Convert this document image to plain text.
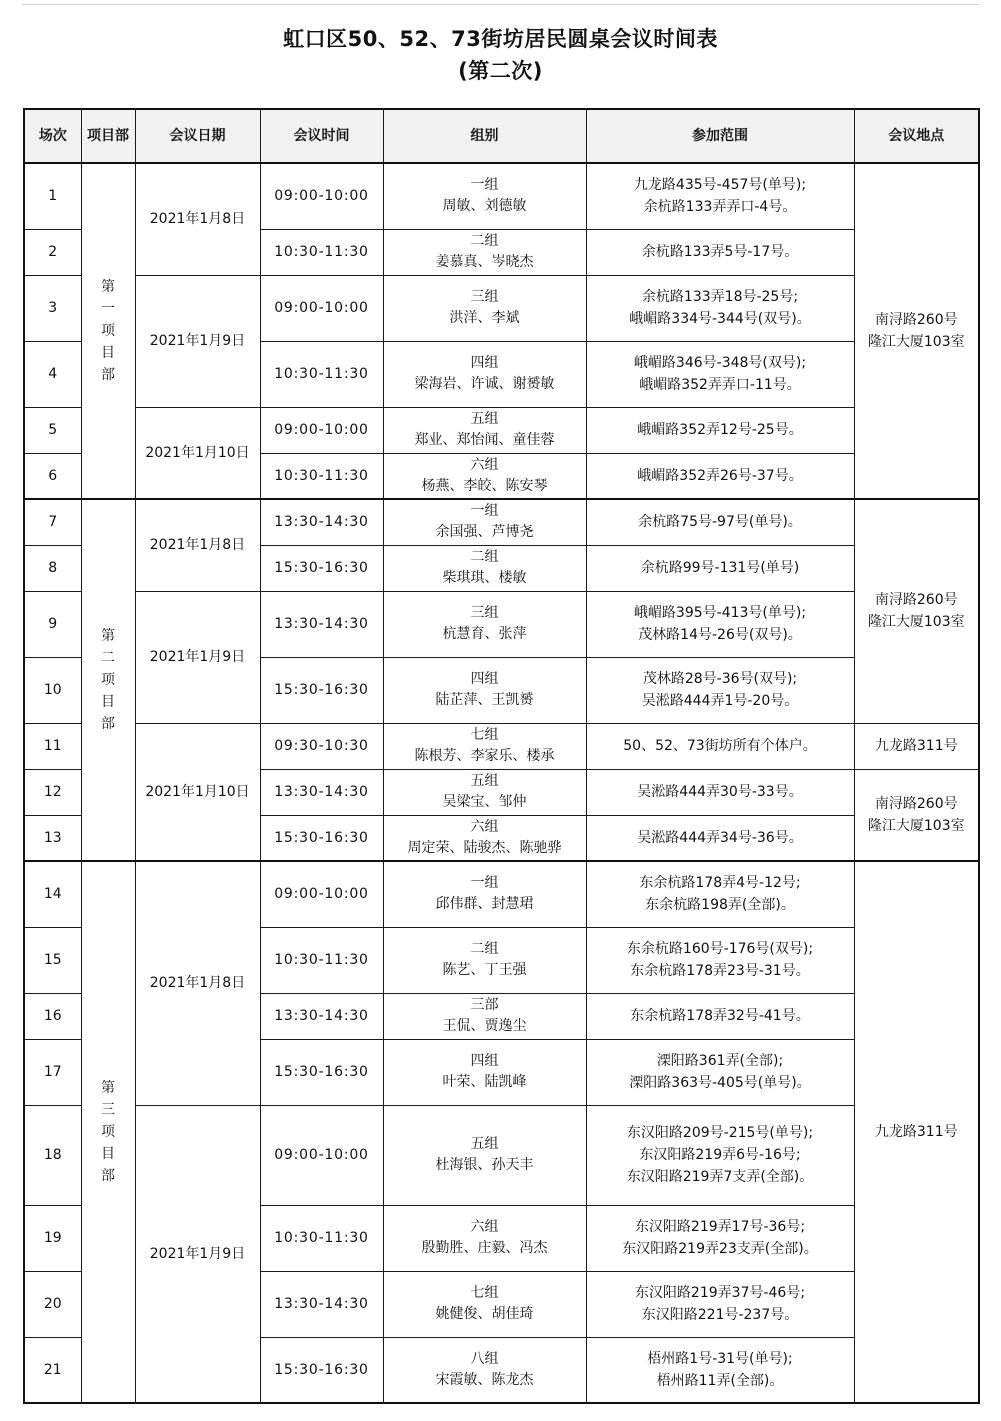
虹口区50、52、73街坊居民圆桌会议时间表
(第二次)
场次	项目部	会议日期	会议时间	组别	参加范围	会议地点
1	第一项目部	2021年1月8日	09:00-10:00	一组
周敏、刘德敏	九龙路435号-457号(单号);
余杭路133弄弄口-4号。	南浔路260号
隆江大厦103室

2			10:30-11:30	二组
姜慕真、岑晓杰	余杭路133弄5号-17号。	

3		2021年1月9日	09:00-10:00	三组
洪洋、李斌	余杭路133弄18号-25号;
峨嵋路334号-344号(双号)。	

4			10:30-11:30	四组
梁海岩、许诚、谢赟敏	峨嵋路346号-348号(双号);
峨嵋路352弄弄口-11号。	

5		2021年1月10日	09:00-10:00	五组
郑业、郑怡闻、童佳蓉	峨嵋路352弄12号-25号。	

6			10:30-11:30	六组
杨燕、李皎、陈安琴	峨嵋路352弄26号-37号。	

7	第二项目部	2021年1月8日	13:30-14:30	一组
余国强、芦博尧	余杭路75号-97号(单号)。	南浔路260号
隆江大厦103室

8			15:30-16:30	二组
柴琪琪、楼敏	余杭路99号-131号(单号)	

9		2021年1月9日	13:30-14:30	三组
杭慧育、张萍	峨嵋路395号-413号(单号);
茂林路14号-26号(双号)。	

10			15:30-16:30	四组
陆芷萍、王凯赟	茂林路28号-36号(双号);
吴淞路444弄1号-20号。	

11		2021年1月10日	09:30-10:30	七组
陈根芳、李家乐、楼承	50、52、73街坊所有个体户。	九龙路311号
12			13:30-14:30	五组
吴梁宝、邹仲	吴淞路444弄30号-33号。	南浔路260号
隆江大厦103室

13			15:30-16:30	六组
周定荣、陆骏杰、陈驰骅	吴淞路444弄34号-36号。	

14	第三项目部	2021年1月8日	09:00-10:00	一组
邱伟群、封慧珺	东余杭路178弄4号-12号;
东余杭路198弄(全部)。	九龙路311号
15			10:30-11:30	二组
陈艺、丁王强	东余杭路160号-176号(双号);
东余杭路178弄23号-31号。	

16			13:30-14:30	三部
王侃、贾逸尘	东余杭路178弄32号-41号。	

17			15:30-16:30	四组
叶荣、陆凯峰	溧阳路361弄(全部);
溧阳路363号-405号(单号)。	

18		2021年1月9日	09:00-10:00	五组
杜海银、孙天丰	东汉阳路209号-215号(单号);
东汉阳路219弄6号-16号;
东汉阳路219弄7支弄(全部)。	

19			10:30-11:30	六组
殷勤胜、庄毅、冯杰	东汉阳路219弄17号-36号;
东汉阳路219弄23支弄(全部)。	

20			13:30-14:30	七组
姚健俊、胡佳琦	东汉阳路219弄37号-46号;
东汉阳路221号-237号。	

21			15:30-16:30	八组
宋霞敏、陈龙杰	梧州路1号-31号(单号);
梧州路11弄(全部)。	
